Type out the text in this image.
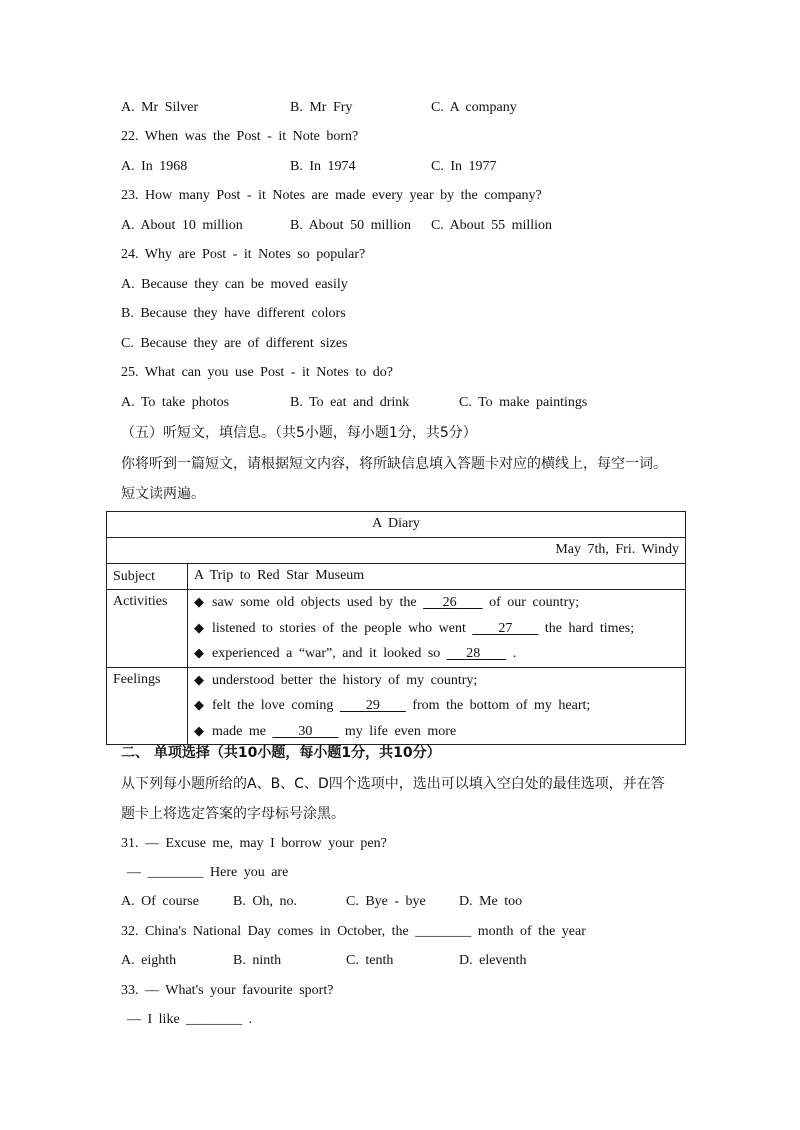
A. Mr Silver	B. Mr Fry	C. A company
22. When was the Post - it Note born?
A. In 1968	B. In 1974	C. In 1977
23. How many Post - it Notes are made every year by the company?
A. About 10 million	B. About 50 million C. About 55 million
24. Why are Post - it Notes so popular?
A. Because they can be moved easily
B. Because they have different colors
C. Because they are of different sizes
25. What can you use Post - it Notes to do?
A. To take photos	B. To eat and drink	C. To make paintings
（五）听短文，填信息。（共5小题，每小题1分，共5分）
你将听到一篇短文，请根据短文内容，将所缺信息填入答题卡对应的横线上，每空一词。
短文读两遍。
A Diary	
May 7th, Fri. Windy	
Subject	A Trip to Red Star Museum
Activities	◆ saw some old objects used by the    26     of our country;
◆ listened to stories of the people who went     27     the hard times;
◆ experienced a “war”, and it looked so    28     .

Feelings	◆ understood better the history of my country;
◆ felt the love coming     29     from the bottom of my heart;
◆ made me     30     my life even more
二、 单项选择（共10小题，每小题1分，共10分）
从下列每小题所给的A、B、C、D四个选项中，选出可以填入空白处的最佳选项，并在答
题卡上将选定答案的字母标号涂黑。
31. — Excuse me, may I borrow your pen?
— ________ Here you are
A. Of course B. Oh, no.	C. Bye - bye D. Me too
32. China's National Day comes in October, the ________ month of the year
A. eighth	B. ninth	C. tenth	D. eleventh
33. — What's your favourite sport?
— I like ________ .
